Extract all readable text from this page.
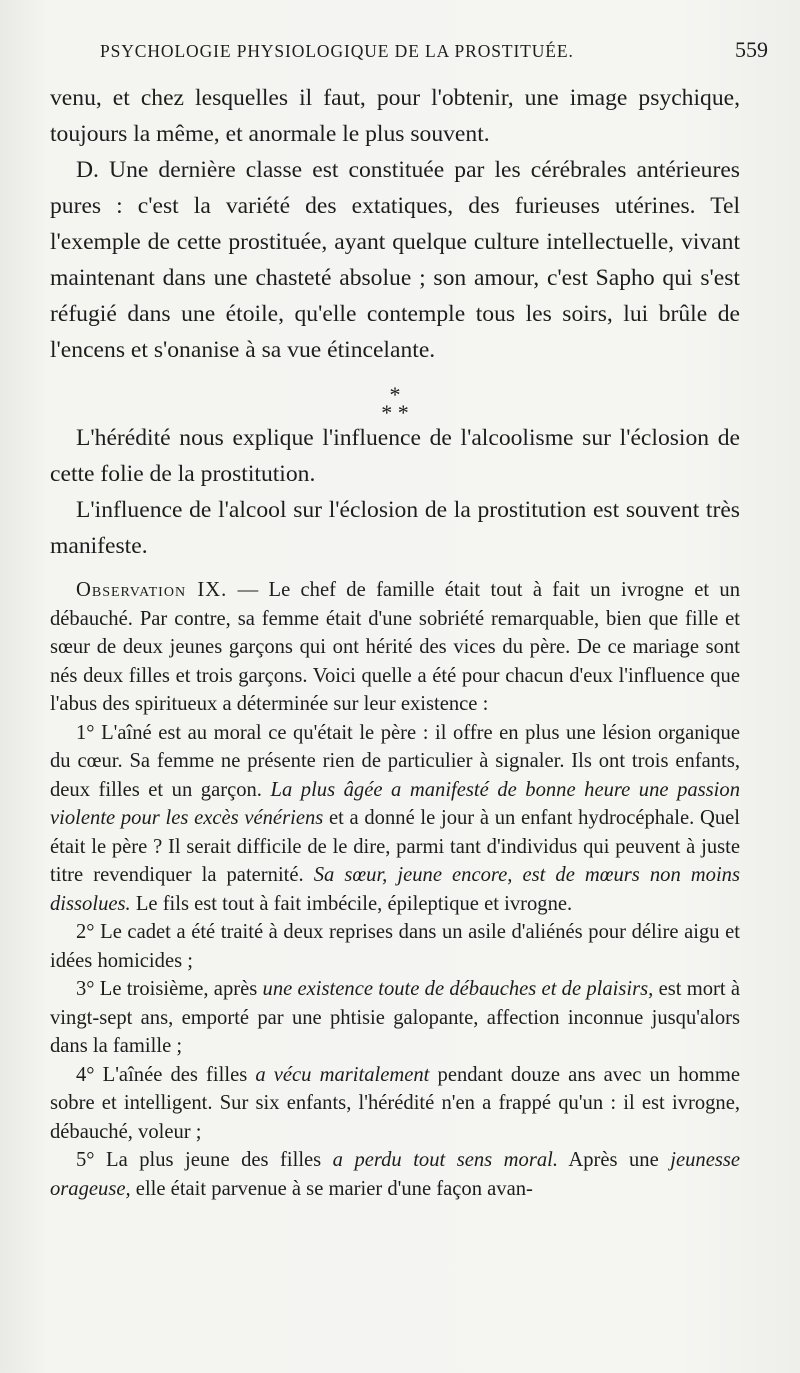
PSYCHOLOGIE PHYSIOLOGIQUE DE LA PROSTITUÉE.	559

venu, et chez lesquelles il faut, pour l'obtenir, une image psychique, toujours la même, et anormale le plus souvent.

D. Une dernière classe est constituée par les cérébrales antérieures pures : c'est la variété des extatiques, des furieuses utérines. Tel l'exemple de cette prostituée, ayant quelque culture intellectuelle, vivant maintenant dans une chasteté absolue ; son amour, c'est Sapho qui s'est réfugié dans une étoile, qu'elle contemple tous les soirs, lui brûle de l'encens et s'onanise à sa vue étincelante.

*
* *

L'hérédité nous explique l'influence de l'alcoolisme sur l'éclosion de cette folie de la prostitution.

L'influence de l'alcool sur l'éclosion de la prostitution est souvent très manifeste.

Observation IX. — Le chef de famille était tout à fait un ivrogne et un débauché. Par contre, sa femme était d'une sobriété remarquable, bien que fille et sœur de deux jeunes garçons qui ont hérité des vices du père. De ce mariage sont nés deux filles et trois garçons. Voici quelle a été pour chacun d'eux l'influence que l'abus des spiritueux a déterminée sur leur existence :

1° L'aîné est au moral ce qu'était le père : il offre en plus une lésion organique du cœur. Sa femme ne présente rien de particulier à signaler. Ils ont trois enfants, deux filles et un garçon. La plus âgée a manifesté de bonne heure une passion violente pour les excès vénériens et a donné le jour à un enfant hydrocéphale. Quel était le père ? Il serait difficile de le dire, parmi tant d'individus qui peuvent à juste titre revendiquer la paternité. Sa sœur, jeune encore, est de mœurs non moins dissolues. Le fils est tout à fait imbécile, épileptique et ivrogne.

2° Le cadet a été traité à deux reprises dans un asile d'aliénés pour délire aigu et idées homicides ;

3° Le troisième, après une existence toute de débauches et de plaisirs, est mort à vingt-sept ans, emporté par une phtisie galopante, affection inconnue jusqu'alors dans la famille ;

4° L'aînée des filles a vécu maritalement pendant douze ans avec un homme sobre et intelligent. Sur six enfants, l'hérédité n'en a frappé qu'un : il est ivrogne, débauché, voleur ;

5° La plus jeune des filles a perdu tout sens moral. Après une jeunesse orageuse, elle était parvenue à se marier d'une façon avan-
